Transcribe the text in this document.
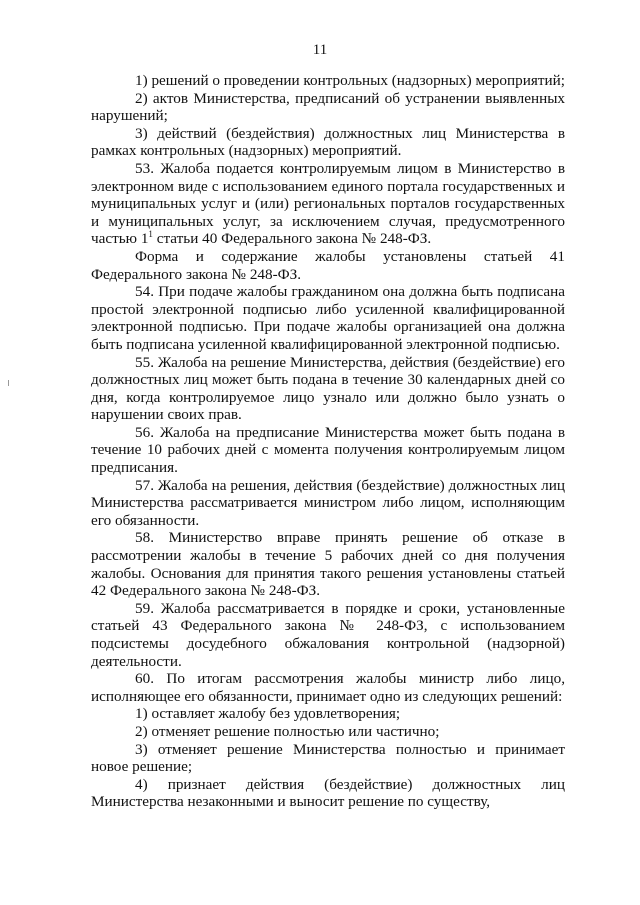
11

1) решений о проведении контрольных (надзорных) мероприятий;

2) актов Министерства, предписаний об устранении выявленных нарушений;

3) действий (бездействия) должностных лиц Министерства в рамках контрольных (надзорных) мероприятий.

53. Жалоба подается контролируемым лицом в Министерство в электронном виде с использованием единого портала государственных и муниципальных услуг и (или) региональных порталов государственных и муниципальных услуг, за исключением случая, предусмотренного частью $1^1$ статьи 40 Федерального закона № 248-ФЗ.

Форма и содержание жалобы установлены статьей 41 Федерального закона № 248-ФЗ.

54. При подаче жалобы гражданином она должна быть подписана простой электронной подписью либо усиленной квалифицированной электронной подписью. При подаче жалобы организацией она должна быть подписана усиленной квалифицированной электронной подписью.

55. Жалоба на решение Министерства, действия (бездействие) его должностных лиц может быть подана в течение 30 календарных дней со дня, когда контролируемое лицо узнало или должно было узнать о нарушении своих прав.

56. Жалоба на предписание Министерства может быть подана в течение 10 рабочих дней с момента получения контролируемым лицом предписания.

57. Жалоба на решения, действия (бездействие) должностных лиц Министерства рассматривается министром либо лицом, исполняющим его обязанности.

58. Министерство вправе принять решение об отказе в рассмотрении жалобы в течение 5 рабочих дней со дня получения жалобы. Основания для принятия такого решения установлены статьей 42 Федерального закона № 248-ФЗ.

59. Жалоба рассматривается в порядке и сроки, установленные статьей 43 Федерального закона № 248-ФЗ, с использованием подсистемы досудебного обжалования контрольной (надзорной) деятельности.

60. По итогам рассмотрения жалобы министр либо лицо, исполняющее его обязанности, принимает одно из следующих решений:

1) оставляет жалобу без удовлетворения;

2) отменяет решение полностью или частично;

3) отменяет решение Министерства полностью и принимает новое решение;

4) признает действия (бездействие) должностных лиц Министерства незаконными и выносит решение по существу,
